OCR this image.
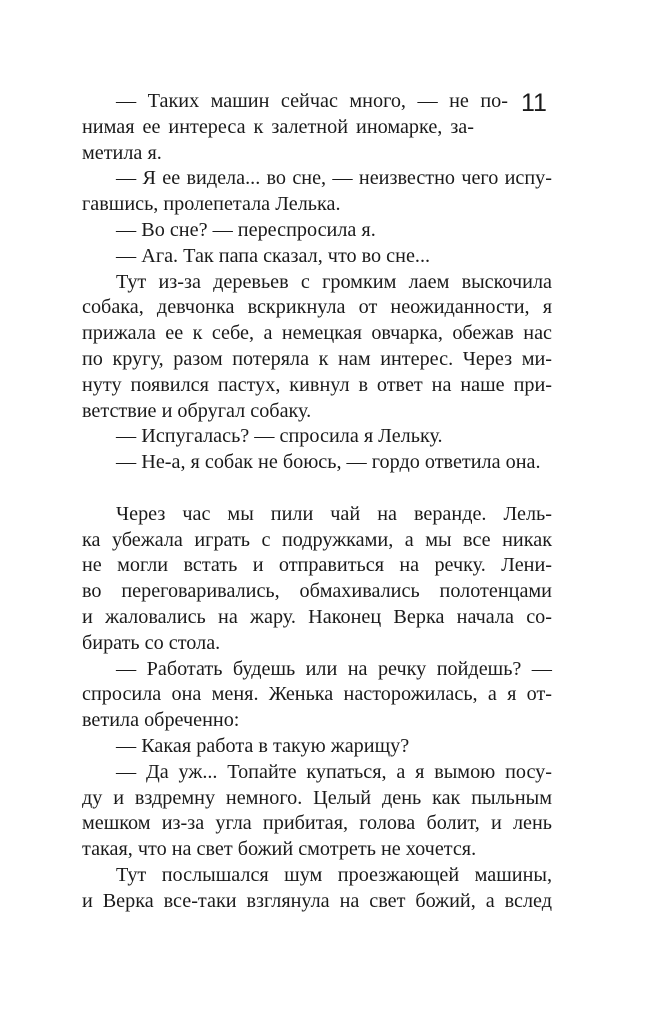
11
— Таких машин сейчас много, — не по-
нимая ее интереса к залетной иномарке, за-
метила я.
— Я ее видела... во сне, — неизвестно чего испу-
гавшись, пролепетала Лелька.
— Во сне? — переспросила я.
— Ага. Так папа сказал, что во сне...
Тут из-за деревьев с громким лаем выскочила
собака, девчонка вскрикнула от неожиданности, я
прижала ее к себе, а немецкая овчарка, обежав нас
по кругу, разом потеряла к нам интерес. Через ми-
нуту появился пастух, кивнул в ответ на наше при-
ветствие и обругал собаку.
— Испугалась? — спросила я Лельку.
— Не-а, я собак не боюсь, — гордо ответила она.
Через час мы пили чай на веранде. Лель-
ка убежала играть с подружками, а мы все никак
не могли встать и отправиться на речку. Лени-
во переговаривались, обмахивались полотенцами
и жаловались на жару. Наконец Верка начала со-
бирать со стола.
— Работать будешь или на речку пойдешь? —
спросила она меня. Женька насторожилась, а я от-
ветила обреченно:
— Какая работа в такую жарищу?
— Да уж... Топайте купаться, а я вымою посу-
ду и вздремну немного. Целый день как пыльным
мешком из-за угла прибитая, голова болит, и лень
такая, что на свет божий смотреть не хочется.
Тут послышался шум проезжающей машины,
и Верка все-таки взглянула на свет божий, а вслед
